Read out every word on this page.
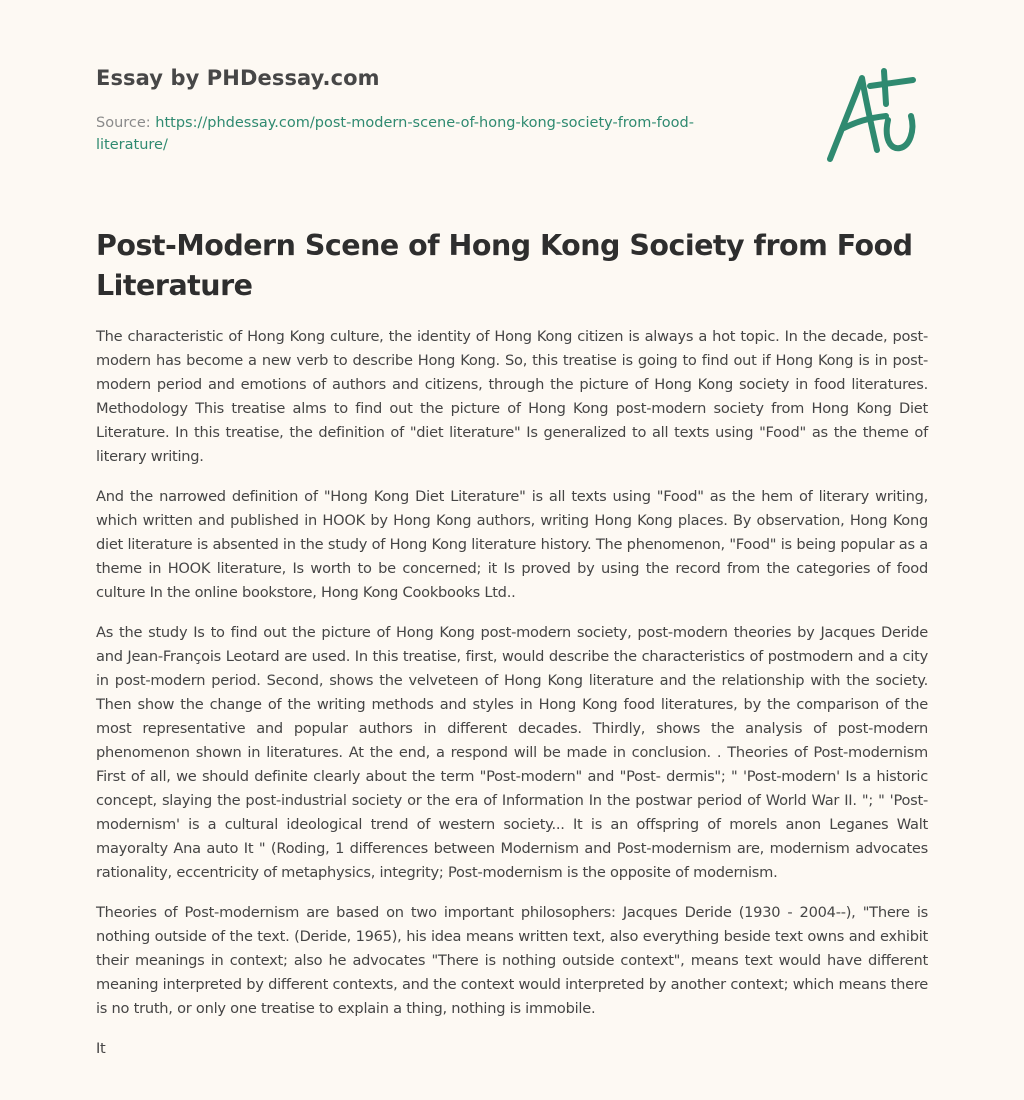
Essay by PHDessay.com
Source: https://phdessay.com/post-modern-scene-of-hong-kong-society-from-food-literature/
Post-Modern Scene of Hong Kong Society from Food Literature

The characteristic of Hong Kong culture, the identity of Hong Kong citizen is always a hot topic. In the decade, post-modern has become a new verb to describe Hong Kong. So, this treatise is going to find out if Hong Kong is in post-modern period and emotions of authors and citizens, through the picture of Hong Kong society in food literatures. Methodology This treatise alms to find out the picture of Hong Kong post-modern society from Hong Kong Diet Literature. In this treatise, the definition of "diet literature" Is generalized to all texts using "Food" as the theme of literary writing.

And the narrowed definition of "Hong Kong Diet Literature" is all texts using "Food" as the hem of literary writing, which written and published in HOOK by Hong Kong authors, writing Hong Kong places. By observation, Hong Kong diet literature is absented in the study of Hong Kong literature history. The phenomenon, "Food" is being popular as a theme in HOOK literature, Is worth to be concerned; it Is proved by using the record from the categories of food culture In the online bookstore, Hong Kong Cookbooks Ltd..

As the study Is to find out the picture of Hong Kong post-modern society, post-modern theories by Jacques Deride and Jean-François Leotard are used. In this treatise, first, would describe the characteristics of postmodern and a city in post-modern period. Second, shows the velveteen of Hong Kong literature and the relationship with the society. Then show the change of the writing methods and styles in Hong Kong food literatures, by the comparison of the most representative and popular authors in different decades. Thirdly, shows the analysis of post-modern phenomenon shown in literatures. At the end, a respond will be made in conclusion. . Theories of Post-modernism First of all, we should definite clearly about the term "Post-modern" and "Post- dermis"; " 'Post-modern' Is a historic concept, slaying the post-industrial society or the era of Information In the postwar period of World War II. "; " 'Post- modernism' is a cultural ideological trend of western society... It is an offspring of morels anon Leganes Walt mayoralty Ana auto It " (Roding, 1 differences between Modernism and Post-modernism are, modernism advocates rationality, eccentricity of metaphysics, integrity; Post-modernism is the opposite of modernism.

Theories of Post-modernism are based on two important philosophers: Jacques Deride (1930 - 2004--), "There is nothing outside of the text. (Deride, 1965), his idea means written text, also everything beside text owns and exhibit their meanings in context; also he advocates "There is nothing outside context", means text would have different meaning interpreted by different contexts, and the context would interpreted by another context; which means there is no truth, or only one treatise to explain a thing, nothing is immobile.

It
